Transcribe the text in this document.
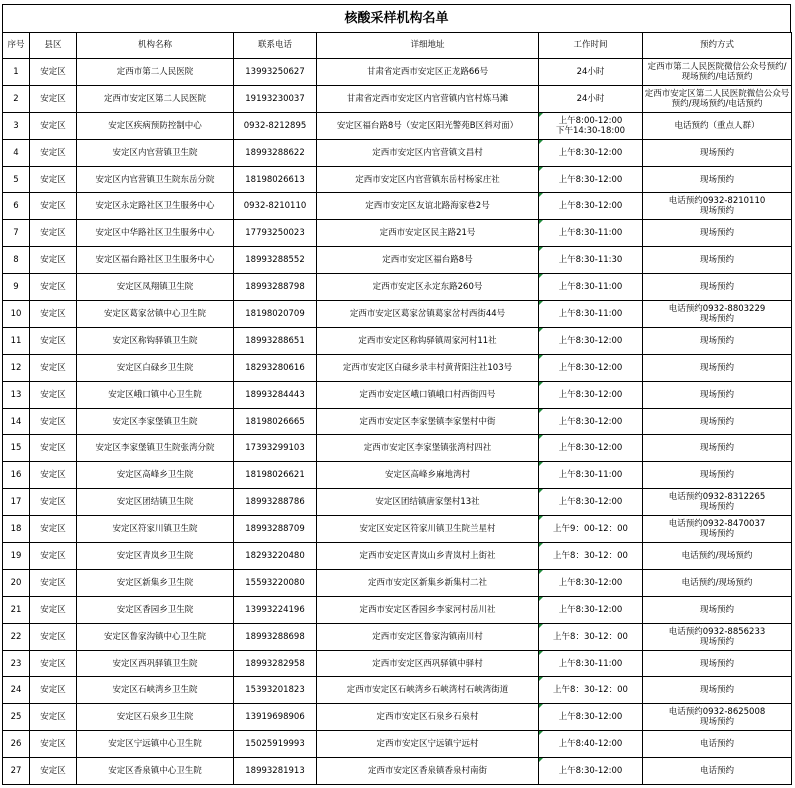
核酸采样机构名单
序号	县区	机构名称	联系电话	详细地址	工作时间	预约方式
1	安定区	定西市第二人民医院	13993250627	甘肃省定西市安定区正龙路66号	24小时	定西市第二人民医院微信公众号预约/现场预约/电话预约
2	安定区	定西市安定区第二人民医院	19193230037	甘肃省定西市安定区内官营镇内官村炼马滩	24小时	定西市安定区第二人民医院微信公众号预约/现场预约/电话预约
3	安定区	安定区疾病预防控制中心	0932-8212895	安定区福台路8号（安定区阳光警苑B区斜对面）	上午8:00-12:00
下午14:30-18:00	电话预约（重点人群）
4	安定区	安定区内官营镇卫生院	18993288622	定西市安定区内官营镇文昌村	上午8:30-12:00	现场预约
5	安定区	安定区内官营镇卫生院东岳分院	18198026613	定西市安定区内官营镇东岳村杨家庄社	上午8:30-12:00	现场预约
6	安定区	安定区永定路社区卫生服务中心	0932-8210110	定西市安定区友谊北路海家巷2号	上午8:30-12:00	电话预约0932-8210110
现场预约
7	安定区	安定区中华路社区卫生服务中心	17793250023	定西市安定区民主路21号	上午8:30-11:00	现场预约
8	安定区	安定区福台路社区卫生服务中心	18993288552	定西市安定区福台路8号	上午8:30-11:30	现场预约
9	安定区	安定区凤翔镇卫生院	18993288798	定西市安定区永定东路260号	上午8:30-11:00	现场预约
10	安定区	安定区葛家岔镇中心卫生院	18198020709	定西市安定区葛家岔镇葛家岔村西街44号	上午8:30-11:00	电话预约0932-8803229
现场预约
11	安定区	安定区称钩驿镇卫生院	18993288651	定西市安定区称钩驿镇周家河村11社	上午8:30-12:00	现场预约
12	安定区	安定区白碌乡卫生院	18293280616	定西市安定区白碌乡录丰村黄背阳注社103号	上午8:30-12:00	现场预约
13	安定区	安定区峨口镇中心卫生院	18993284443	定西市安定区峨口镇峨口村西街四号	上午8:30-12:00	现场预约
14	安定区	安定区李家堡镇卫生院	18198026665	定西市安定区李家堡镇李家堡村中街	上午8:30-12:00	现场预约
15	安定区	安定区李家堡镇卫生院张湾分院	17393299103	定西市安定区李家堡镇张湾村四社	上午8:30-12:00	现场预约
16	安定区	安定区高峰乡卫生院	18198026621	安定区高峰乡麻地湾村	上午8:30-11:00	现场预约
17	安定区	安定区团结镇卫生院	18993288786	安定区团结镇唐家堡村13社	上午8:30-12:00	电话预约0932-8312265
现场预约
18	安定区	安定区符家川镇卫生院	18993288709	安定区安定区符家川镇卫生院兰星村	上午9：00-12：00	电话预约0932-8470037
现场预约
19	安定区	安定区青岚乡卫生院	18293220480	定西市安定区青岚山乡青岚村上街社	上午8：30-12：00	电话预约/现场预约
20	安定区	安定区新集乡卫生院	15593220080	定西市安定区新集乡新集村二社	上午8:30-12:00	电话预约/现场预约
21	安定区	安定区香园乡卫生院	13993224196	定西市安定区香园乡李家河村岳川社	上午8:30-12:00	现场预约
22	安定区	安定区鲁家沟镇中心卫生院	18993288698	定西市安定区鲁家沟镇南川村	上午8：30-12：00	电话预约0932-8856233
现场预约
23	安定区	安定区西巩驿镇卫生院	18993282958	定西市安定区西巩驿镇中驿村	上午8:30-11:00	现场预约
24	安定区	安定区石峡湾乡卫生院	15393201823	定西市安定区石峡湾乡石峡湾村石峡湾街道	上午8：30-12：00	现场预约
25	安定区	安定区石泉乡卫生院	13919698906	定西市安定区石泉乡石泉村	上午8:30-12:00	电话预约0932-8625008
现场预约
26	安定区	安定区宁远镇中心卫生院	15025919993	定西市安定区宁远镇宁远村	上午8:40-12:00	电话预约
27	安定区	安定区香泉镇中心卫生院	18993281913	定西市安定区香泉镇香泉村南街	上午8:30-12:00	电话预约
